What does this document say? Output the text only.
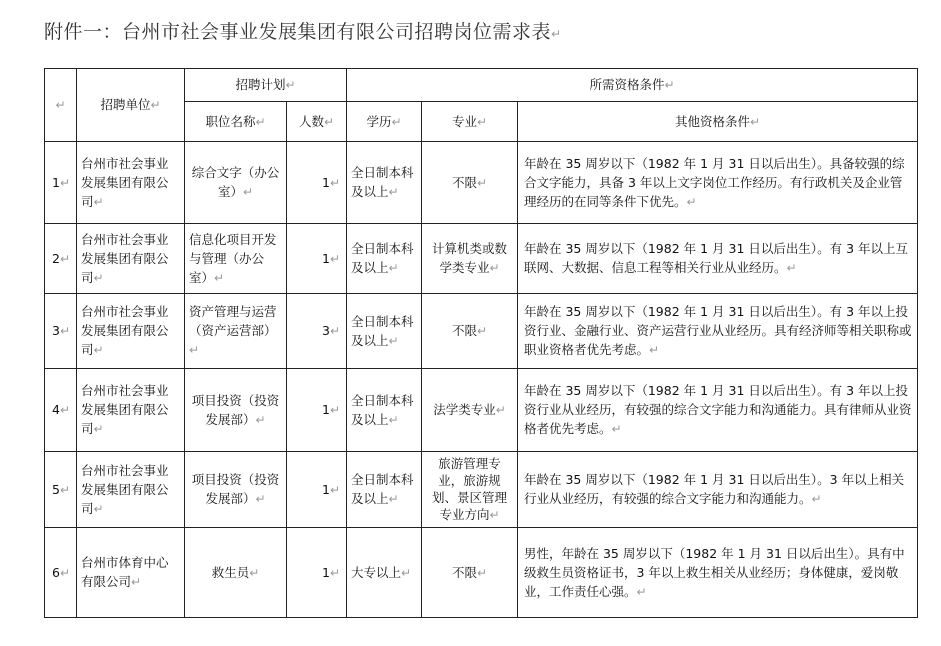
附件一：台州市社会事业发展集团有限公司招聘岗位需求表↵
↵	招聘单位↵	招聘计划↵		所需资格条件↵		
		职位名称↵	人数↵	学历↵	专业↵	其他资格条件↵
1↵	台州市社会事业发展集团有限公司↵	综合文字（办公室）↵	1↵	全日制本科及以上↵	不限↵	年龄在 35 周岁以下（1982 年 1 月 31 日以后出生）。具备较强的综合文字能力，具备 3 年以上文字岗位工作经历。有行政机关及企业管理经历的在同等条件下优先。↵
2↵	台州市社会事业发展集团有限公司↵	信息化项目开发与管理（办公室）↵	1↵	全日制本科及以上↵	计算机类或数学类专业↵	年龄在 35 周岁以下（1982 年 1 月 31 日以后出生）。有 3 年以上互联网、大数据、信息工程等相关行业从业经历。↵
3↵	台州市社会事业发展集团有限公司↵	资产管理与运营（资产运营部）↵	3↵	全日制本科及以上↵	不限↵	年龄在 35 周岁以下（1982 年 1 月 31 日以后出生）。有 3 年以上投资行业、金融行业、资产运营行业从业经历。具有经济师等相关职称或职业资格者优先考虑。↵
4↵	台州市社会事业发展集团有限公司↵	项目投资（投资发展部）↵	1↵	全日制本科及以上↵	法学类专业↵	年龄在 35 周岁以下（1982 年 1 月 31 日以后出生）。有 3 年以上投资行业从业经历，有较强的综合文字能力和沟通能力。具有律师从业资格者优先考虑。↵
5↵	台州市社会事业发展集团有限公司↵	项目投资（投资发展部）↵	1↵	全日制本科及以上↵	旅游管理专业，旅游规划、景区管理专业方向↵	年龄在 35 周岁以下（1982 年 1 月 31 日以后出生）。3 年以上相关行业从业经历，有较强的综合文字能力和沟通能力。↵
6↵	台州市体育中心有限公司↵	救生员↵	1↵	大专以上↵	不限↵	男性，年龄在 35 周岁以下（1982 年 1 月 31 日以后出生）。具有中级救生员资格证书，3 年以上救生相关从业经历；身体健康，爱岗敬业，工作责任心强。↵
